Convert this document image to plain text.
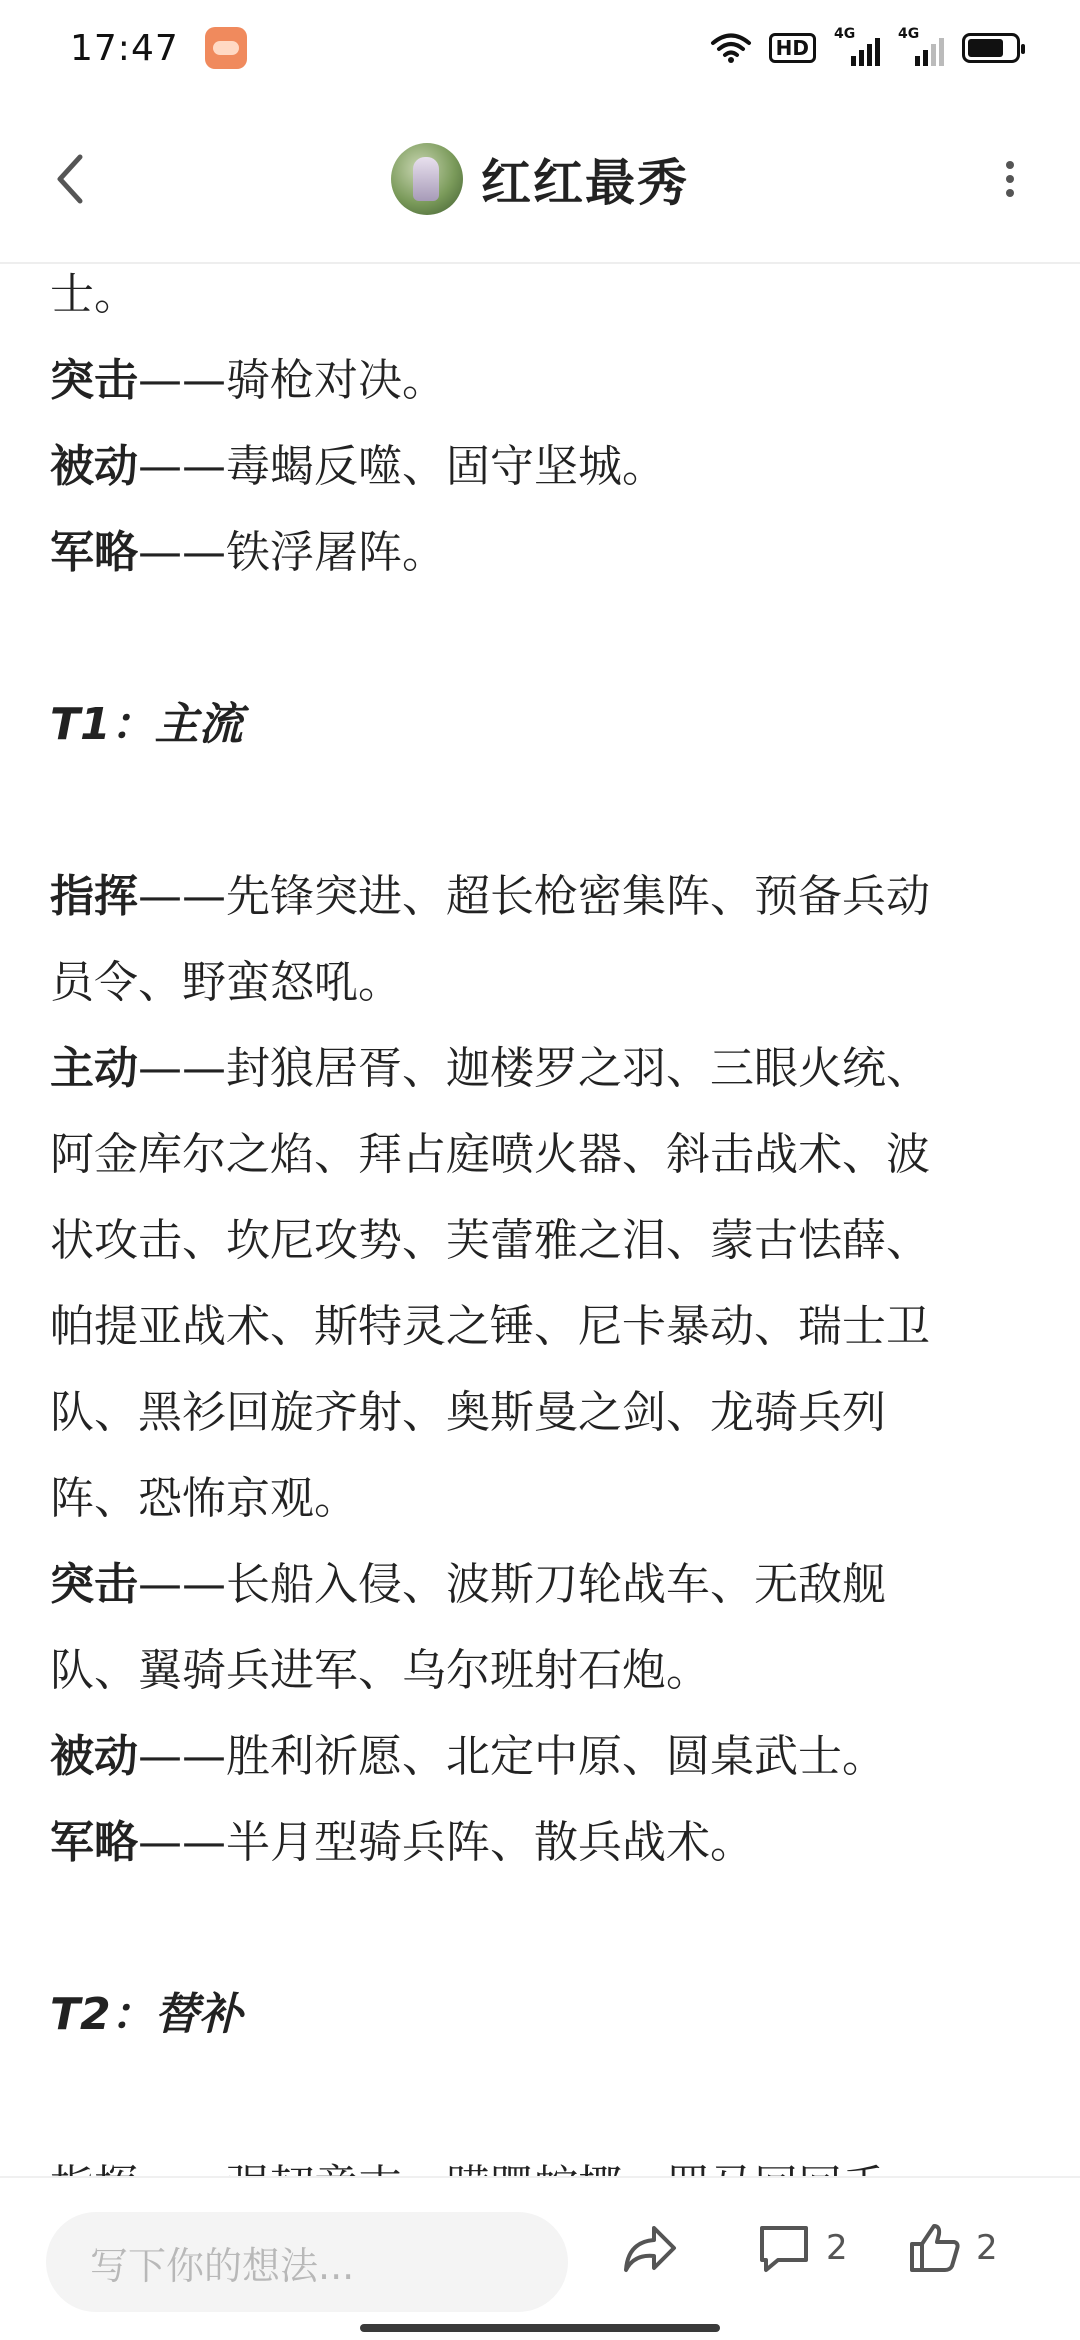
17:47	HD
4G	4G
红红最秀
士。
突击——骑枪对决。
被动——毒蝎反噬、固守坚城。
军略——铁浮屠阵。
T1：主流
指挥——先锋突进、超长枪密集阵、预备兵动
员令、野蛮怒吼。
主动——封狼居胥、迦楼罗之羽、三眼火统、
阿金库尔之焰、拜占庭喷火器、斜击战术、波
状攻击、坎尼攻势、芙蕾雅之泪、蒙古怯薛、
帕提亚战术、斯特灵之锤、尼卡暴动、瑞士卫
队、黑衫回旋齐射、奥斯曼之剑、龙骑兵列
阵、恐怖京观。
突击——长船入侵、波斯刀轮战车、无敌舰
队、翼骑兵进军、乌尔班射石炮。
被动——胜利祈愿、北定中原、圆桌武士。
军略——半月型骑兵阵、散兵战术。
T2：替补
写下你的想法...	2	2
